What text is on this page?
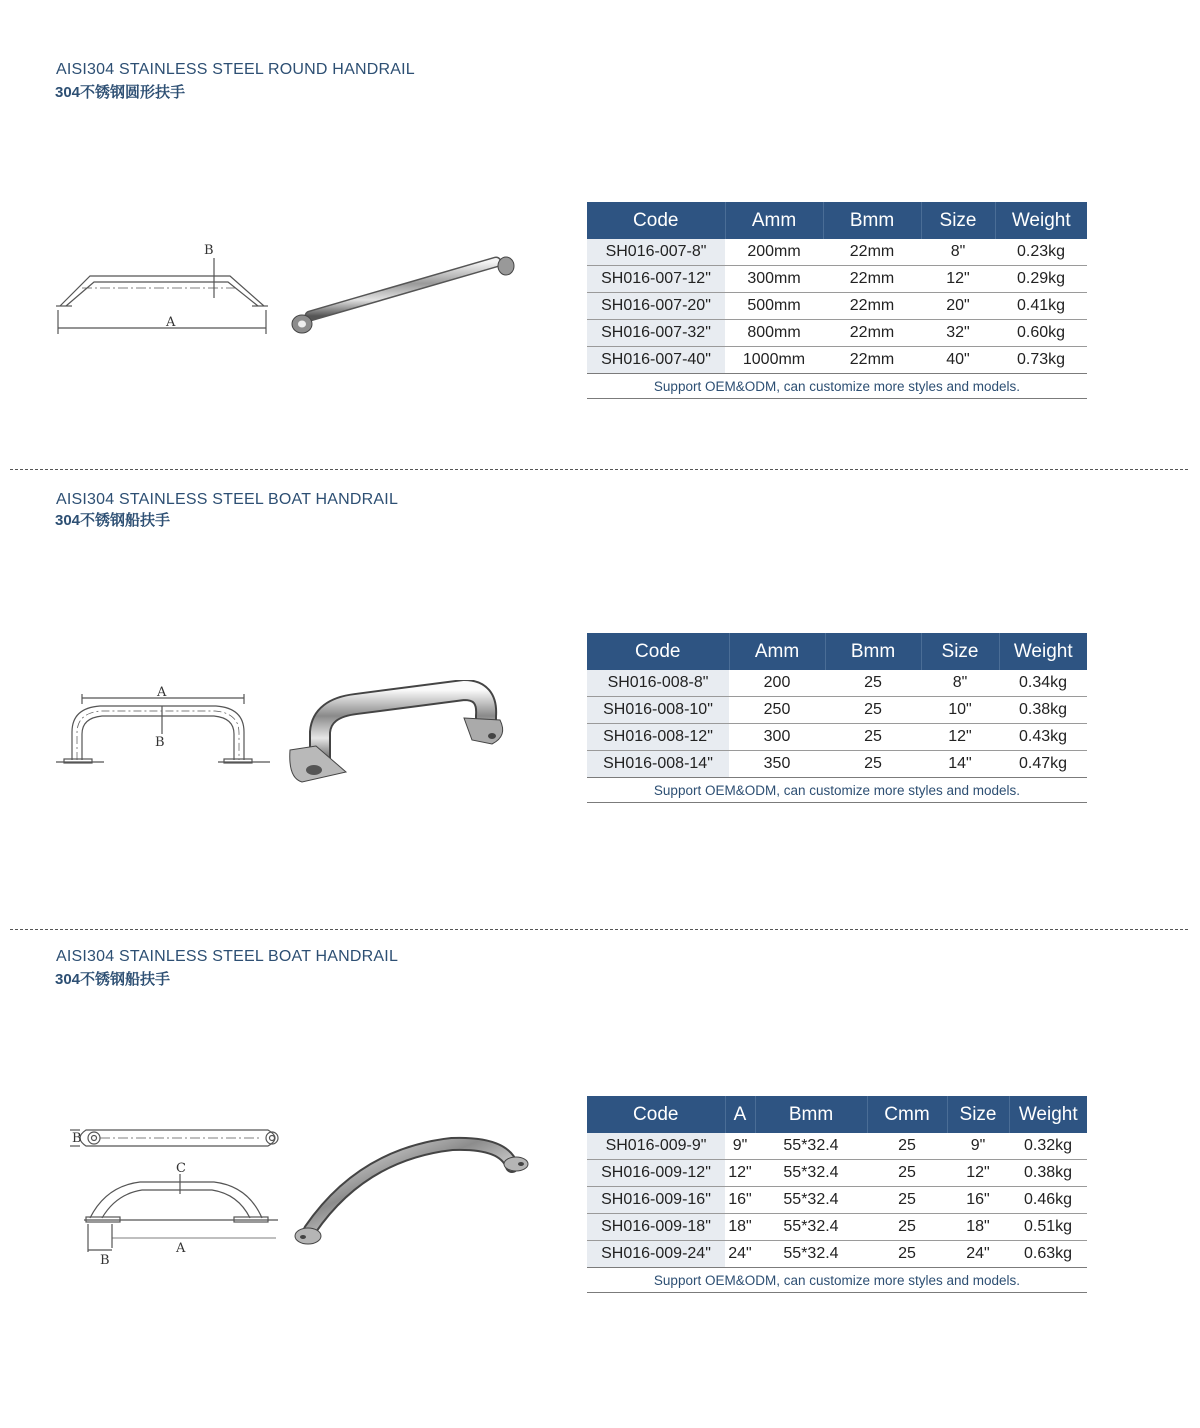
AISI304 STAINLESS STEEL ROUND HANDRAIL
304不锈钢圆形扶手
A
B
Code	Amm	Bmm	Size	Weight
SH016-007-8"	200mm	22mm	8"	0.23kg
SH016-007-12"	300mm	22mm	12"	0.29kg
SH016-007-20"	500mm	22mm	20"	0.41kg
SH016-007-32"	800mm	22mm	32"	0.60kg
SH016-007-40"	1000mm	22mm	40"	0.73kg
Support OEM&ODM, can customize more styles and models.				
AISI304 STAINLESS STEEL BOAT HANDRAIL
304不锈钢船扶手
A
B
Code	Amm	Bmm	Size	Weight
SH016-008-8"	200	25	8"	0.34kg
SH016-008-10"	250	25	10"	0.38kg
SH016-008-12"	300	25	12"	0.43kg
SH016-008-14"	350	25	14"	0.47kg
Support OEM&ODM, can customize more styles and models.				
AISI304 STAINLESS STEEL BOAT HANDRAIL
304不锈钢船扶手
B
C
A
B
Code	A	Bmm	Cmm	Size	Weight
SH016-009-9"	9"	55*32.4	25	9"	0.32kg
SH016-009-12"	12"	55*32.4	25	12"	0.38kg
SH016-009-16"	16"	55*32.4	25	16"	0.46kg
SH016-009-18"	18"	55*32.4	25	18"	0.51kg
SH016-009-24"	24"	55*32.4	25	24"	0.63kg
Support OEM&ODM, can customize more styles and models.					
